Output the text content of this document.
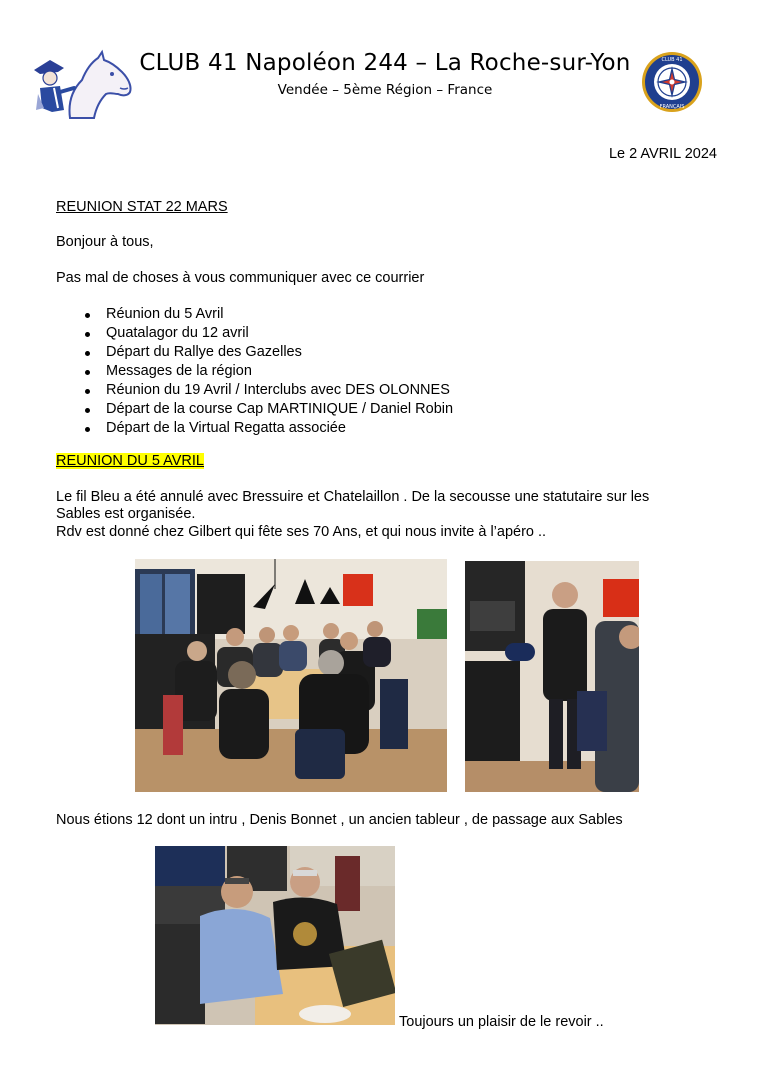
CLUB 41 Napoléon 244 – La Roche-sur-Yon
Vendée – 5ème Région – France
CLUB 41
FRANÇAIS
Le 2 AVRIL 2024
REUNION STAT 22 MARS
Bonjour à tous,
Pas mal de choses à vous communiquer avec ce courrier
Réunion du 5 Avril
Quatalagor du 12 avril
Départ du Rallye des Gazelles
Messages de la région
Réunion du 19 Avril / Interclubs avec DES OLONNES
Départ de la course Cap MARTINIQUE / Daniel Robin
Départ de la Virtual Regatta associée
REUNION DU 5 AVRIL
Le fil Bleu a été annulé avec Bressuire et Chatelaillon . De la secousse une statutaire sur les
Sables est organisée.
Rdv est donné chez Gilbert qui fête ses 70 Ans, et qui nous invite à l’apéro ..
Nous étions 12 dont un intru , Denis Bonnet , un ancien tableur , de passage aux Sables
Toujours un plaisir de le revoir ..
